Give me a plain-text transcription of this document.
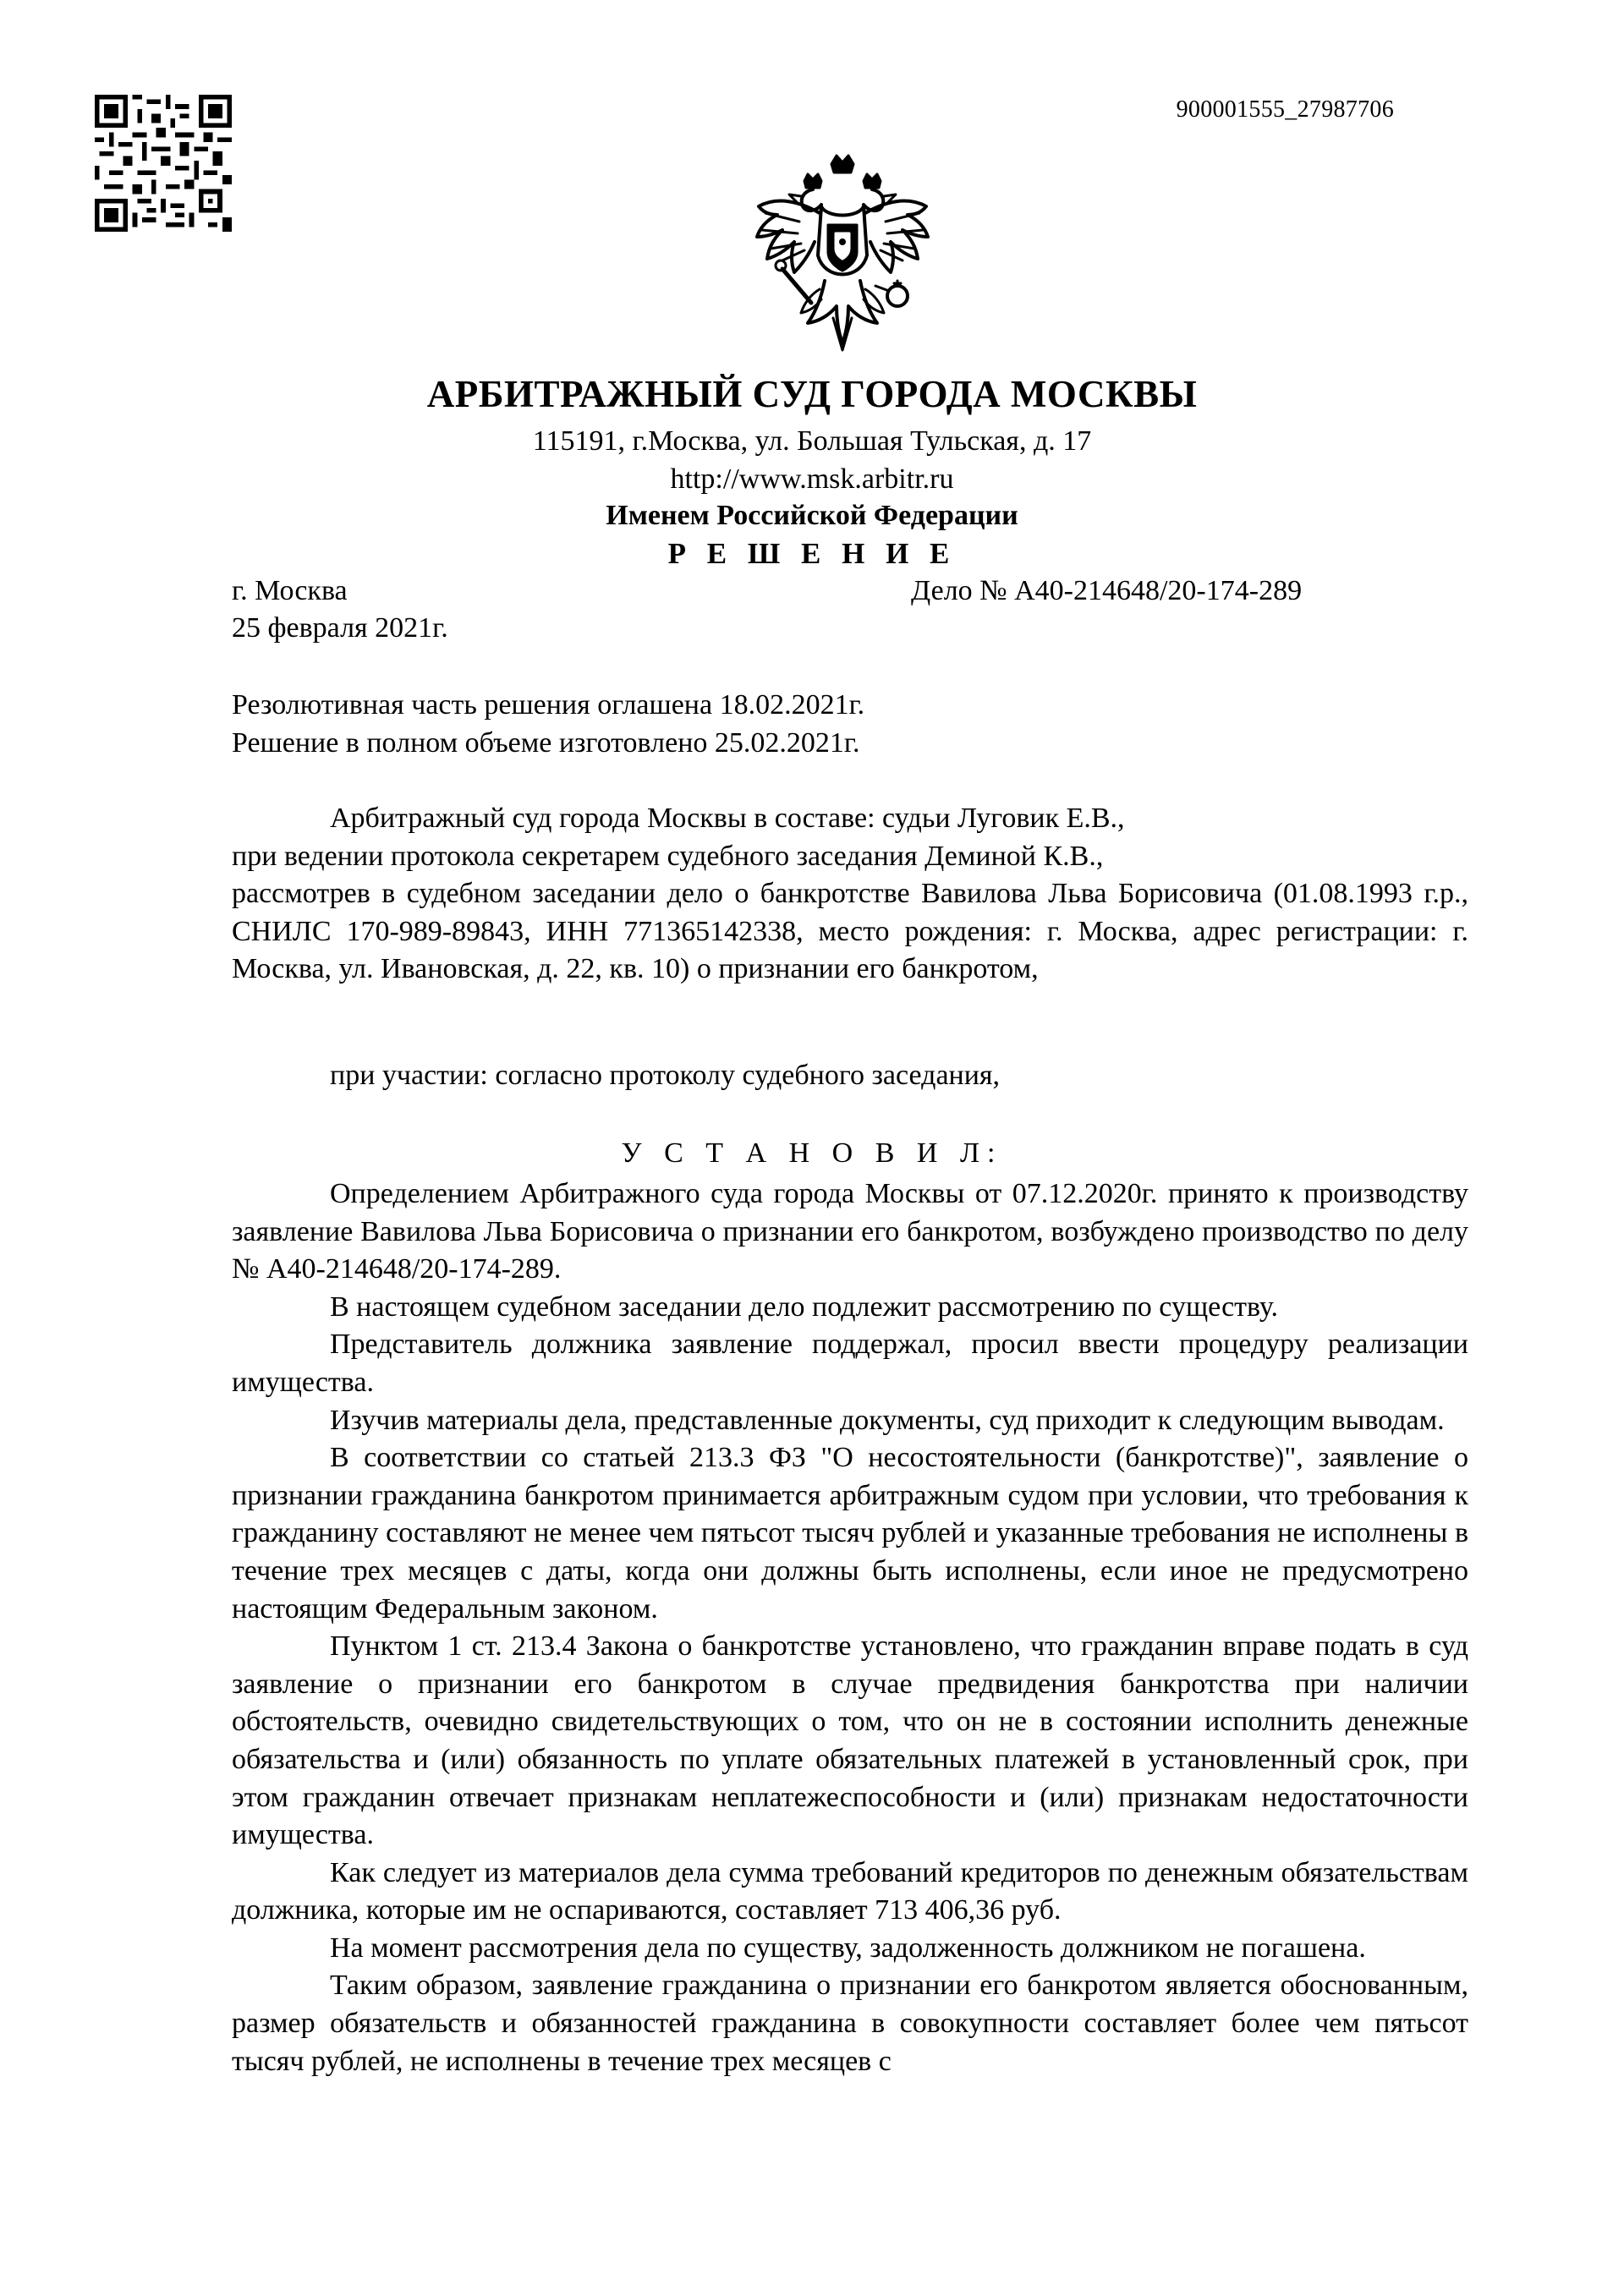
900001555_27987706
АРБИТРАЖНЫЙ СУД ГОРОДА МОСКВЫ
115191, г.Москва, ул. Большая Тульская, д. 17
http://www.msk.arbitr.ru
Именем Российской Федерации
Р Е Ш Е Н И Е
г. Москва	Дело № А40-214648/20-174-289
25 февраля 2021г.
Резолютивная часть решения оглашена 18.02.2021г.
Решение в полном объеме изготовлено 25.02.2021г.

Арбитражный суд города Москвы в составе: судьи Луговик Е.В.,

при ведении протокола секретарем судебного заседания Деминой К.В.,

рассмотрев в судебном заседании дело о банкротстве Вавилова Льва Борисовича (01.08.1993 г.р., СНИЛС 170-989-89843, ИНН 771365142338, место рождения: г. Москва, адрес регистрации: г. Москва, ул. Ивановская, д. 22, кв. 10) о признании его банкротом,

при участии: согласно протоколу судебного заседания,
У С Т А Н О В И Л:

Определением Арбитражного суда города Москвы от 07.12.2020г. принято к производству заявление Вавилова Льва Борисовича о признании его банкротом, возбуждено производство по делу № А40-214648/20-174-289.

В настоящем судебном заседании дело подлежит рассмотрению по существу.

Представитель должника заявление поддержал, просил ввести процедуру реализации имущества.

Изучив материалы дела, представленные документы, суд приходит к следующим выводам.

В соответствии со статьей 213.3 ФЗ "О несостоятельности (банкротстве)", заявление о признании гражданина банкротом принимается арбитражным судом при условии, что требования к гражданину составляют не менее чем пятьсот тысяч рублей и указанные требования не исполнены в течение трех месяцев с даты, когда они должны быть исполнены, если иное не предусмотрено настоящим Федеральным законом.

Пунктом 1 ст. 213.4 Закона о банкротстве установлено, что гражданин вправе подать в суд заявление о признании его банкротом в случае предвидения банкротства при наличии обстоятельств, очевидно свидетельствующих о том, что он не в состоянии исполнить денежные обязательства и (или) обязанность по уплате обязательных платежей в установленный срок, при этом гражданин отвечает признакам неплатежеспособности и (или) признакам недостаточности имущества.

Как следует из материалов дела сумма требований кредиторов по денежным обязательствам должника, которые им не оспариваются, составляет 713 406,36 руб.

На момент рассмотрения дела по существу, задолженность должником не погашена.

Таким образом, заявление гражданина о признании его банкротом является обоснованным, размер обязательств и обязанностей гражданина в совокупности составляет более чем пятьсот тысяч рублей, не исполнены в течение трех месяцев с
